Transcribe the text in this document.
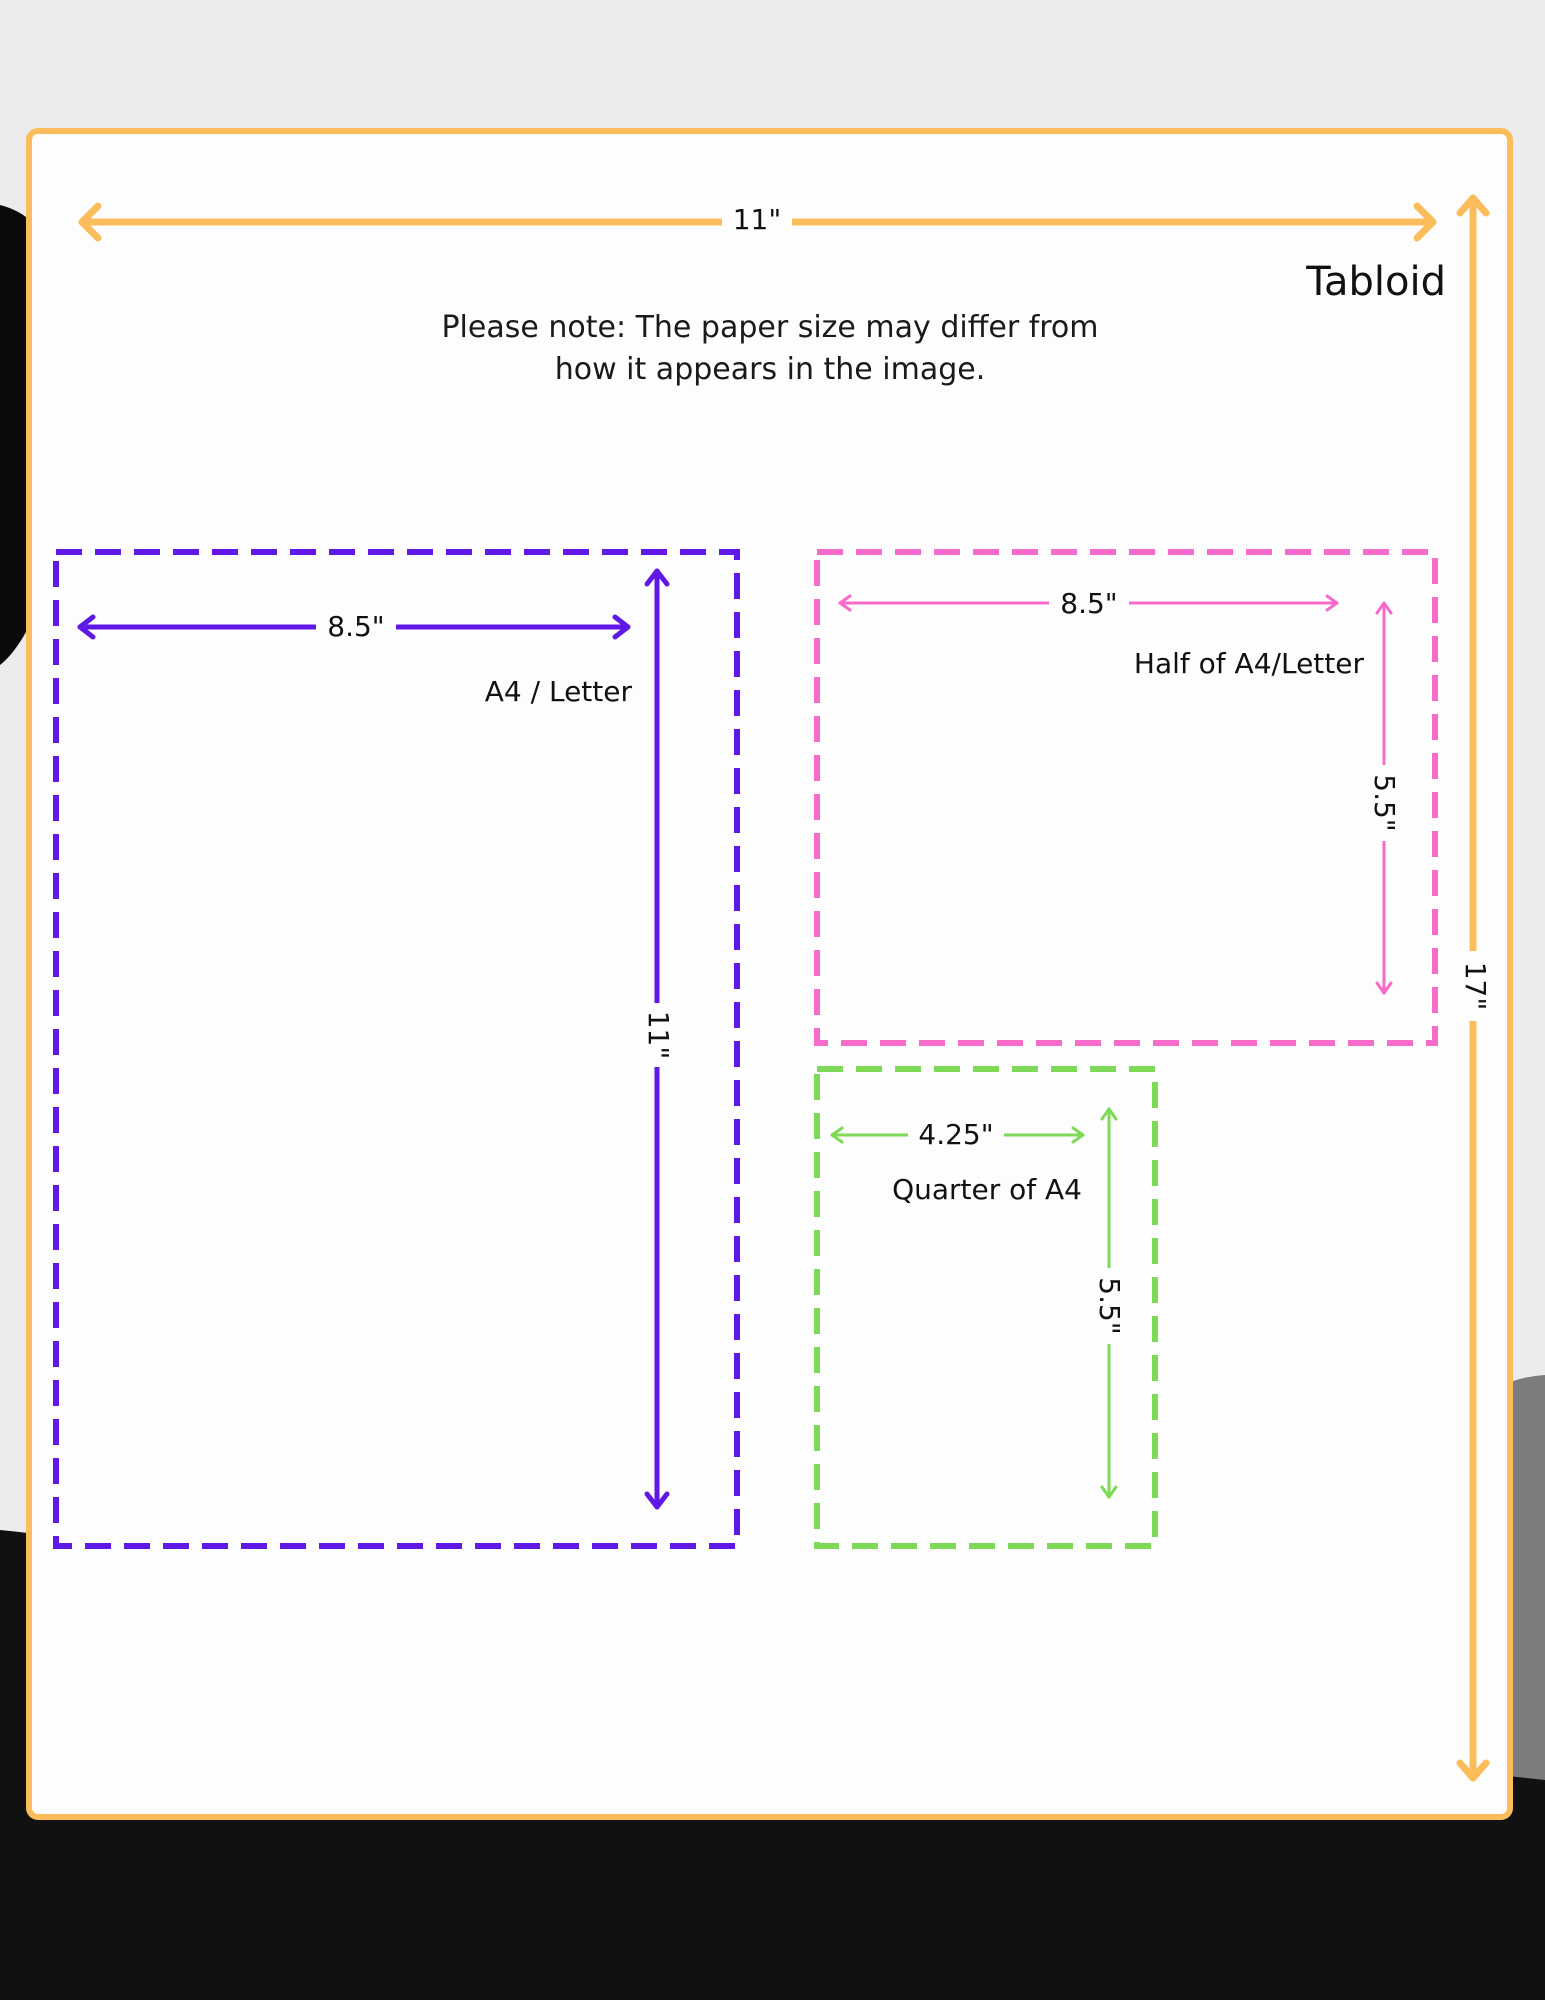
11"
Tabloid
17"
Please note: The paper size may differ from
how it appears in the image.
8.5"
A4 / Letter
11"
8.5"
Half of A4/Letter
5.5"
4.25"
Quarter of A4
5.5"
